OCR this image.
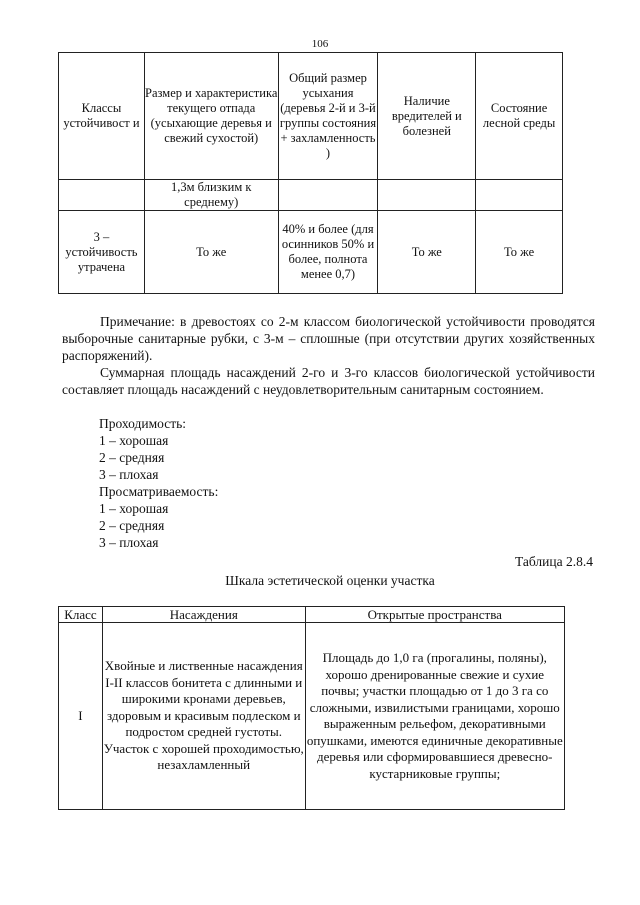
106
Классы устойчивост и	Размер и характеристика текущего отпада (усыхающие деревья и свежий сухостой)	Общий размер усыхания (деревья 2-й и 3-й группы состояния + захламленность )	Наличие вредителей и болезней	Состояние лесной среды
	1,3м близким к среднему)			
3 – устойчивость утрачена	То же	40% и более (для осинников 50% и более, полнота менее 0,7)	То же	То же
Примечание: в древостоях со 2-м классом биологической устойчивости проводятся выборочные санитарные рубки, с 3-м – сплошные (при отсутствии других хозяйственных распоряжений).
Суммарная площадь насаждений 2-го и 3-го классов биологической устойчивости составляет площадь насаждений с неудовлетворительным санитарным состоянием.
Проходимость:
1 – хорошая
2 – средняя
3 – плохая
Просматриваемость:
1 – хорошая
2 – средняя
3 – плохая
Таблица 2.8.4
Шкала эстетической оценки участка
Класс	Насаждения	Открытые пространства
I	Хвойные и лиственные насаждения I-II классов бонитета с длинными и широкими кронами деревьев, здоровым и красивым подлеском и подростом средней густоты. Участок с хорошей проходимостью, незахламленный	Площадь до 1,0 га (прогалины, поляны), хорошо дренированные свежие и сухие почвы; участки площадью от 1 до 3 га со сложными, извилистыми границами, хорошо выраженным рельефом, декоративными опушками, имеются единичные декоративные деревья или сформировавшиеся древесно-кустарниковые группы;
